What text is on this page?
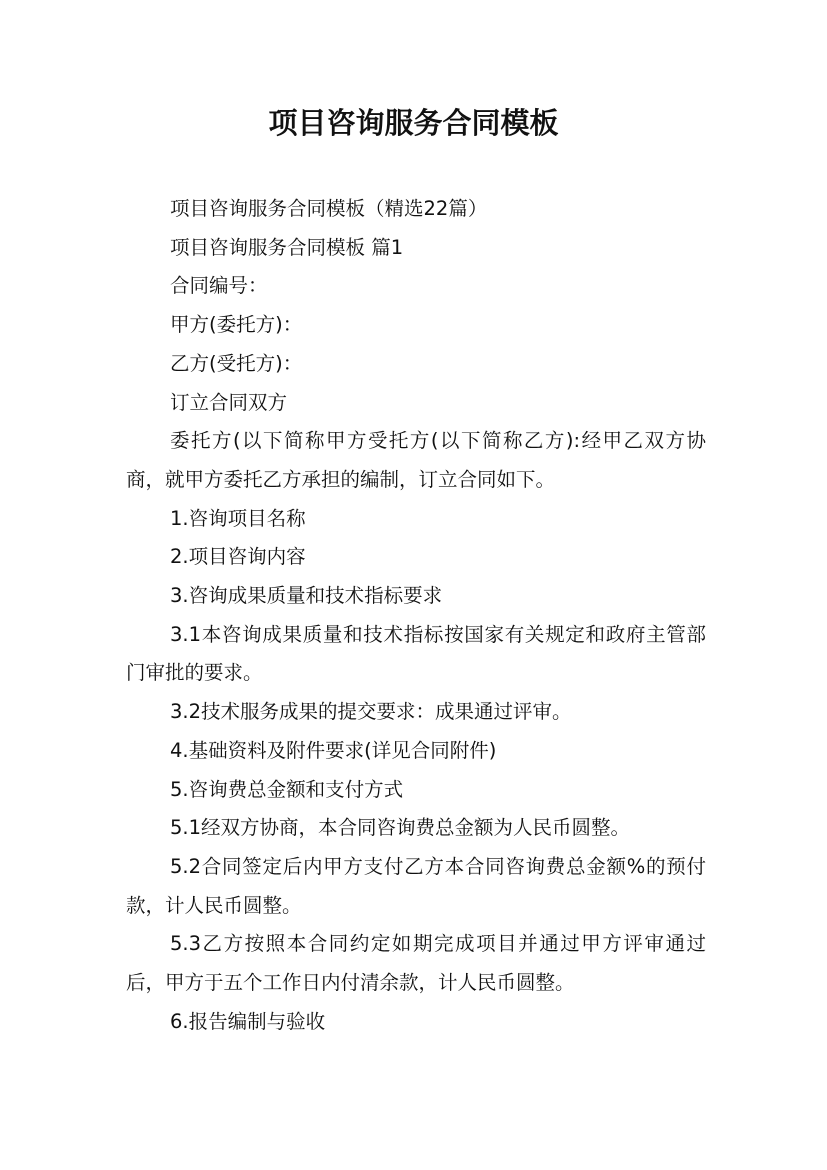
项目咨询服务合同模板

项目咨询服务合同模板（精选22篇）

项目咨询服务合同模板 篇1

合同编号：

甲方(委托方)：

乙方(受托方)：

订立合同双方

委托方(以下简称甲方受托方(以下简称乙方):经甲乙双方协商，就甲方委托乙方承担的编制，订立合同如下。

1.咨询项目名称

2.项目咨询内容

3.咨询成果质量和技术指标要求

3.1本咨询成果质量和技术指标按国家有关规定和政府主管部门审批的要求。

3.2技术服务成果的提交要求：成果通过评审。

4.基础资料及附件要求(详见合同附件)

5.咨询费总金额和支付方式

5.1经双方协商，本合同咨询费总金额为人民币圆整。

5.2合同签定后内甲方支付乙方本合同咨询费总金额%的预付款，计人民币圆整。

5.3乙方按照本合同约定如期完成项目并通过甲方评审通过后，甲方于五个工作日内付清余款，计人民币圆整。

6.报告编制与验收
